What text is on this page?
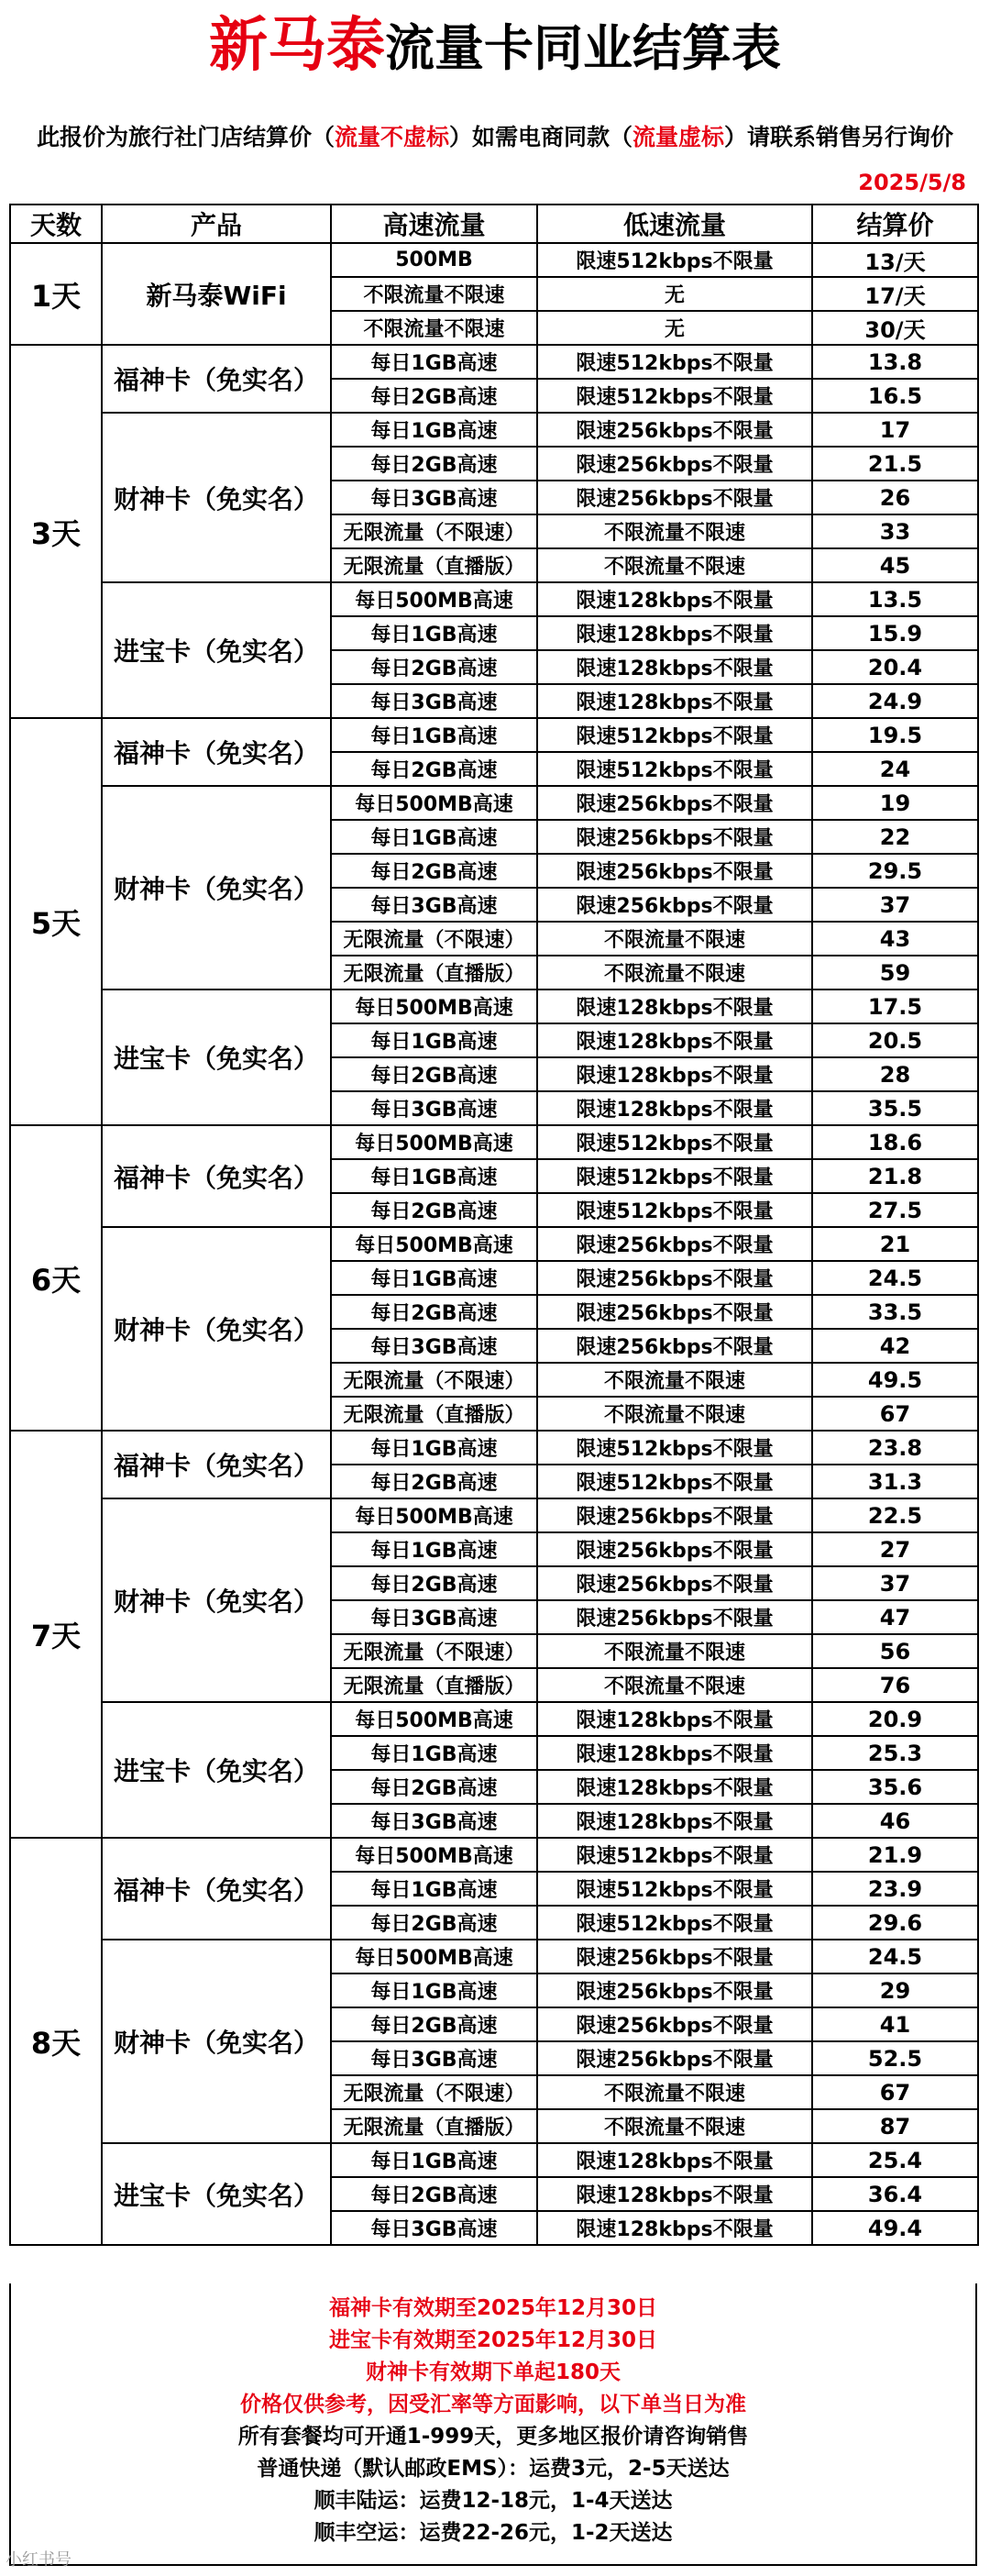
新马泰流量卡同业结算表
此报价为旅行社门店结算价（流量不虚标）如需电商同款（流量虚标）请联系销售另行询价
2025/5/8
天数	产品	高速流量	低速流量	结算价
1天	新马泰WiFi	500MB	限速512kbps不限量	13/天
		不限流量不限速	无	17/天
		不限流量不限速	无	30/天
3天	福神卡（免实名）	每日1GB高速	限速512kbps不限量	13.8
		每日2GB高速	限速512kbps不限量	16.5
	财神卡（免实名）	每日1GB高速	限速256kbps不限量	17
		每日2GB高速	限速256kbps不限量	21.5
		每日3GB高速	限速256kbps不限量	26
		无限流量（不限速）	不限流量不限速	33
		无限流量（直播版）	不限流量不限速	45
	进宝卡（免实名）	每日500MB高速	限速128kbps不限量	13.5
		每日1GB高速	限速128kbps不限量	15.9
		每日2GB高速	限速128kbps不限量	20.4
		每日3GB高速	限速128kbps不限量	24.9
5天	福神卡（免实名）	每日1GB高速	限速512kbps不限量	19.5
		每日2GB高速	限速512kbps不限量	24
	财神卡（免实名）	每日500MB高速	限速256kbps不限量	19
		每日1GB高速	限速256kbps不限量	22
		每日2GB高速	限速256kbps不限量	29.5
		每日3GB高速	限速256kbps不限量	37
		无限流量（不限速）	不限流量不限速	43
		无限流量（直播版）	不限流量不限速	59
	进宝卡（免实名）	每日500MB高速	限速128kbps不限量	17.5
		每日1GB高速	限速128kbps不限量	20.5
		每日2GB高速	限速128kbps不限量	28
		每日3GB高速	限速128kbps不限量	35.5
6天	福神卡（免实名）	每日500MB高速	限速512kbps不限量	18.6
		每日1GB高速	限速512kbps不限量	21.8
		每日2GB高速	限速512kbps不限量	27.5
	财神卡（免实名）	每日500MB高速	限速256kbps不限量	21
		每日1GB高速	限速256kbps不限量	24.5
		每日2GB高速	限速256kbps不限量	33.5
		每日3GB高速	限速256kbps不限量	42
		无限流量（不限速）	不限流量不限速	49.5
		无限流量（直播版）	不限流量不限速	67
7天	福神卡（免实名）	每日1GB高速	限速512kbps不限量	23.8
		每日2GB高速	限速512kbps不限量	31.3
	财神卡（免实名）	每日500MB高速	限速256kbps不限量	22.5
		每日1GB高速	限速256kbps不限量	27
		每日2GB高速	限速256kbps不限量	37
		每日3GB高速	限速256kbps不限量	47
		无限流量（不限速）	不限流量不限速	56
		无限流量（直播版）	不限流量不限速	76
	进宝卡（免实名）	每日500MB高速	限速128kbps不限量	20.9
		每日1GB高速	限速128kbps不限量	25.3
		每日2GB高速	限速128kbps不限量	35.6
		每日3GB高速	限速128kbps不限量	46
8天	福神卡（免实名）	每日500MB高速	限速512kbps不限量	21.9
		每日1GB高速	限速512kbps不限量	23.9
		每日2GB高速	限速512kbps不限量	29.6
	财神卡（免实名）	每日500MB高速	限速256kbps不限量	24.5
		每日1GB高速	限速256kbps不限量	29
		每日2GB高速	限速256kbps不限量	41
		每日3GB高速	限速256kbps不限量	52.5
		无限流量（不限速）	不限流量不限速	67
		无限流量（直播版）	不限流量不限速	87
	进宝卡（免实名）	每日1GB高速	限速128kbps不限量	25.4
		每日2GB高速	限速128kbps不限量	36.4
		每日3GB高速	限速128kbps不限量	49.4
福神卡有效期至2025年12月30日
进宝卡有效期至2025年12月30日
财神卡有效期下单起180天
价格仅供参考，因受汇率等方面影响，以下单当日为准
所有套餐均可开通1-999天，更多地区报价请咨询销售
普通快递（默认邮政EMS）：运费3元，2-5天送达
顺丰陆运：运费12-18元，1-4天送达
顺丰空运：运费22-26元，1-2天送达
小红书号
